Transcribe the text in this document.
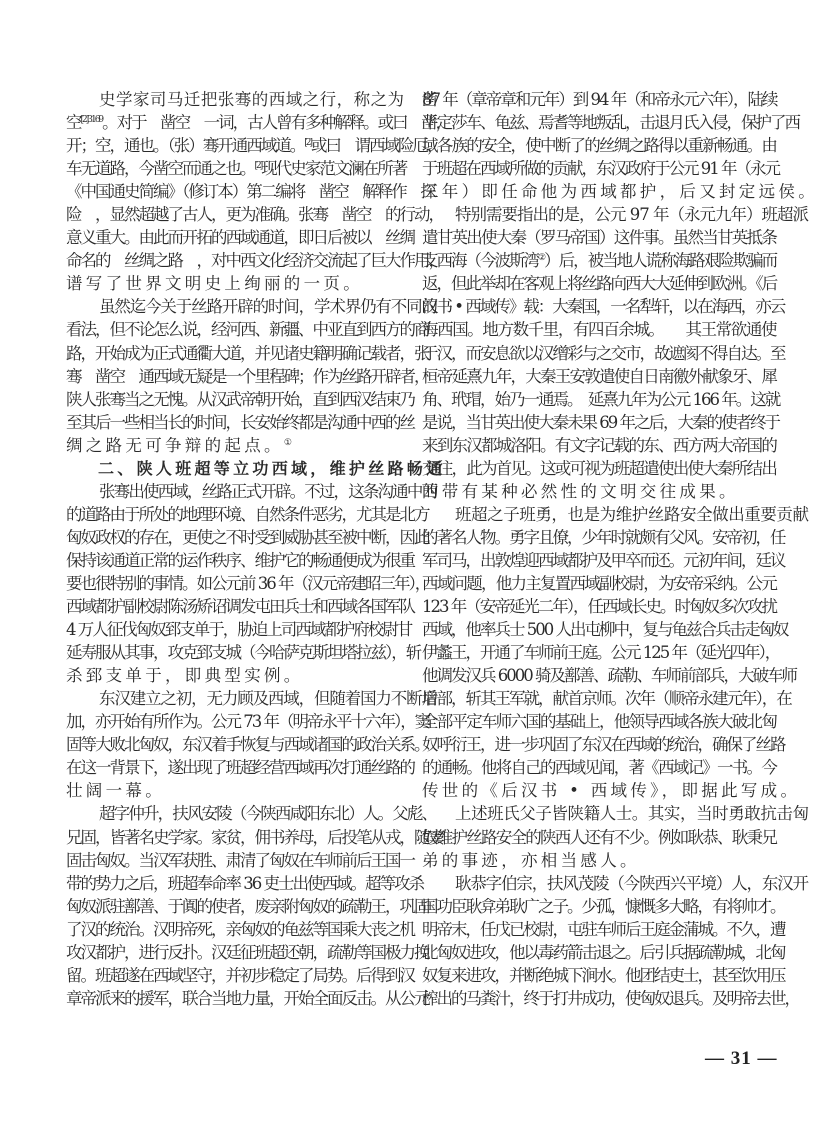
史学家司马迁把张骞的西域之行，称之为　凿
空$^{[2]3169}$。对于　凿空　一词，古人曾有多种解释。或曰　凿，
开；空，通也。（张）骞开通西域道。[2]或曰　谓西域险厄，
车无道路，今凿空而通之也。[2]现代史家范文澜在所著
《中国通史简编》（修订本）第二编将　凿空　解释作　探
险　，显然超越了古人，更为准确。张骞　凿空　的行动，
意义重大。由此而开拓的西域通道，即日后被以　丝绸
命名的　丝绸之路　，对中西文化经济交流起了巨大作用，
谱写了世界文明史上绚丽的一页。
虽然迄今关于丝路开辟的时间，学术界仍有不同的
看法，但不论怎么说，经河西、新疆、中亚直到西方的商
路，开始成为正式通衢大道，并见诸史籍明确记载者，张
骞　凿空　通西域无疑是一个里程碑；作为丝路开辟者，
陕人张骞当之无愧。从汉武帝朝开始，直到西汉结束乃
至其后一些相当长的时间，长安始终都是沟通中西的丝
绸之路无可争辩的起点。①
二、陕人班超等立功西域，维护丝路畅通
张骞出使西域，丝路正式开辟。不过，这条沟通中西
的道路由于所处的地理环境、自然条件恶劣，尤其是北方
匈奴政权的存在，更使之不时受到威胁甚至被中断，因此
保持该通道正常的运作秩序、维护它的畅通便成为很重
要也很特别的事情。如公元前 36 年（汉元帝建昭三年），
西域都护副校尉陈汤矫诏调发屯田兵士和西域各国军队
4 万人征伐匈奴郅支单于，胁迫上司西域都护府校尉甘
延寿服从其事，攻克郅支城（今哈萨克斯坦塔拉兹），斩
杀郅支单于，即典型实例。
东汉建立之初，无力顾及西域，但随着国力不断增
加，亦开始有所作为。公元 73 年（明帝永平十六年），窦
固等大败北匈奴，东汉着手恢复与西域诸国的政治关系。
在这一背景下，遂出现了班超经营西域再次打通丝路的
壮阔一幕。
超字仲升，扶风安陵（今陕西咸阳东北）人。父彪、
兄固，皆著名史学家。家贫，佣书养母，后投笔从戎，随窦
固击匈奴。当汉军获胜、肃清了匈奴在车师前后王国一
带的势力之后，班超奉命率 36 吏士出使西域。超等攻杀
匈奴派驻鄯善、于阗的使者，废亲附匈奴的疏勒王，巩固
了汉的统治。汉明帝死，亲匈奴的龟兹等国乘大丧之机
攻汉都护，进行反扑。汉廷征班超还朝，疏勒等国极力挽
留。班超遂在西域坚守，并初步稳定了局势。后得到汉
章帝派来的援军，联合当地力量，开始全面反击。从公元
87 年（章帝章和元年）到 94 年（和帝永元六年），陆续
平定莎车、龟兹、焉耆等地叛乱，击退月氏入侵，保护了西
域各族的安全，使中断了的丝绸之路得以重新畅通。由
于班超在西域所做的贡献，东汉政府于公元 91 年（永元
三年）即任命他为西域都护，后又封定远侯。
特别需要指出的是，公元 97 年（永元九年）班超派
遣甘英出使大秦（罗马帝国）这件事。虽然当甘英抵条
支西海（今波斯湾②）后，被当地人谎称海路艰险欺骗而
返，但此举却在客观上将丝路向西大大延伸到欧洲。《后
汉书 • 西域传》载：大秦国，一名犁轩，以在海西，亦云
海西国。地方数千里，有四百余城。　　其王常欲通使
于汉，而安息欲以汉缯彩与之交市，故遮阂不得自达。至
桓帝延熹九年，大秦王安敦遣使自日南徼外献象牙、犀
角、玳瑁，始乃一通焉。　延熹九年为公元 166 年。这就
是说，当甘英出使大秦未果 69 年之后，大秦的使者终于
来到东汉都城洛阳。有文字记载的东、西方两大帝国的
交往，此为首见。这或可视为班超遣使出使大秦所结出
的带有某种必然性的文明交往成果。
班超之子班勇，也是为维护丝路安全做出重要贡献
的著名人物。勇字且僚，少年时就颇有父风。安帝初，任
军司马，出敦煌迎西域都护及甲卒而还。元初年间，廷议
西域问题，他力主复置西域副校尉，为安帝采纳。公元
123 年（安帝延光二年），任西域长史。时匈奴多次攻扰
西域，他率兵士 500 人出屯柳中，复与龟兹合兵击走匈奴
伊蠡王，开通了车师前王庭。公元 125 年（延光四年），
他调发汉兵 6000 骑及鄯善、疏勒、车师前部兵，大破车师
后部，斩其王军就，献首京师。次年（顺帝永建元年），在
全部平定车师六国的基础上，他领导西域各族大破北匈
奴呼衍王，进一步巩固了东汉在西域的统治，确保了丝路
的通畅。他将自己的西域见闻，著《西域记》一书。今
传世的《后汉书 • 西域传》，即据此写成。
上述班氏父子皆陕籍人士。其实，当时勇敢抗击匈
奴维护丝路安全的陕西人还有不少。例如耿恭、耿秉兄
弟的事迹，亦相当感人。
耿恭字伯宗，扶风茂陵（今陕西兴平境）人，东汉开
国功臣耿弇弟耿广之子。少孤，慷慨多大略，有将帅才。
明帝末，任戊已校尉，屯驻车师后王庭金蒲城。不久，遭
北匈奴进攻，他以毒药箭击退之。后引兵据疏勒城，北匈
奴复来进攻，并断绝城下涧水。他团结吏士，甚至饮用压
榨出的马粪汁，终于打井成功，使匈奴退兵。及明帝去世，
— 31 —
